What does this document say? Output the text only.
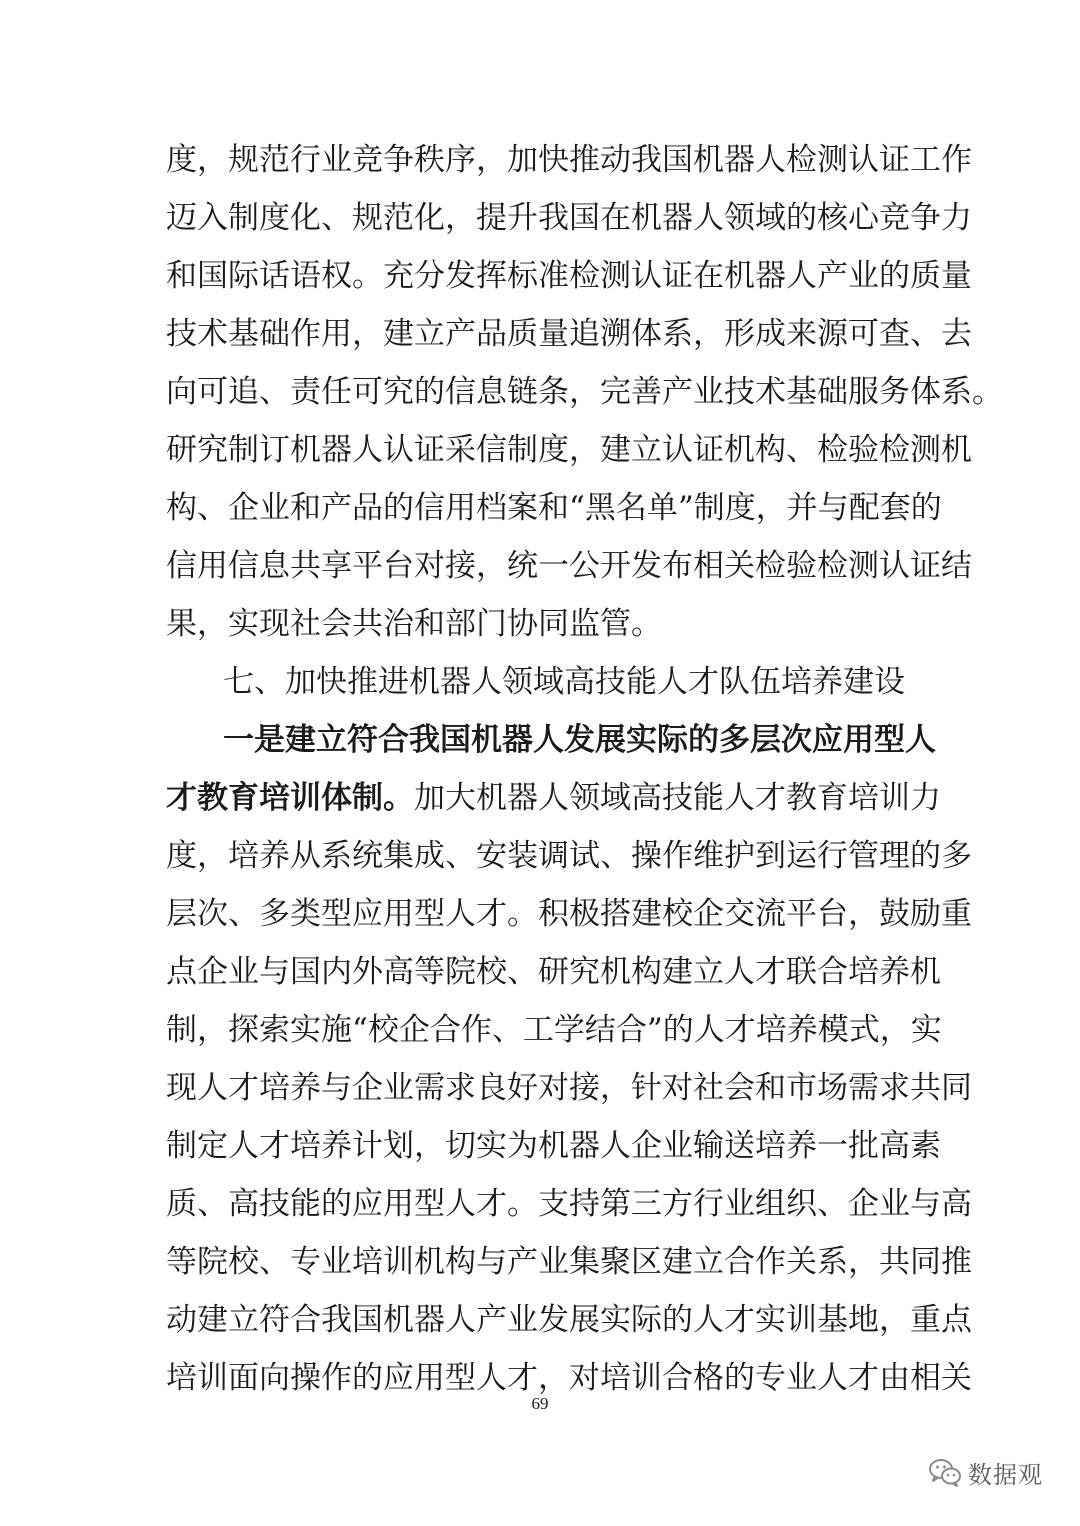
度，规范行业竞争秩序，加快推动我国机器人检测认证工作
迈入制度化、规范化，提升我国在机器人领域的核心竞争力
和国际话语权。充分发挥标准检测认证在机器人产业的质量
技术基础作用，建立产品质量追溯体系，形成来源可查、去
向可追、责任可究的信息链条，完善产业技术基础服务体系。
研究制订机器人认证采信制度，建立认证机构、检验检测机
构、企业和产品的信用档案和“黑名单”制度，并与配套的
信用信息共享平台对接，统一公开发布相关检验检测认证结
果，实现社会共治和部门协同监管。
七、加快推进机器人领域高技能人才队伍培养建设
一是建立符合我国机器人发展实际的多层次应用型人
才教育培训体制。加大机器人领域高技能人才教育培训力
度，培养从系统集成、安装调试、操作维护到运行管理的多
层次、多类型应用型人才。积极搭建校企交流平台，鼓励重
点企业与国内外高等院校、研究机构建立人才联合培养机
制，探索实施“校企合作、工学结合”的人才培养模式，实
现人才培养与企业需求良好对接，针对社会和市场需求共同
制定人才培养计划，切实为机器人企业输送培养一批高素
质、高技能的应用型人才。支持第三方行业组织、企业与高
等院校、专业培训机构与产业集聚区建立合作关系，共同推
动建立符合我国机器人产业发展实际的人才实训基地，重点
培训面向操作的应用型人才，对培训合格的专业人才由相关
69
数据观
